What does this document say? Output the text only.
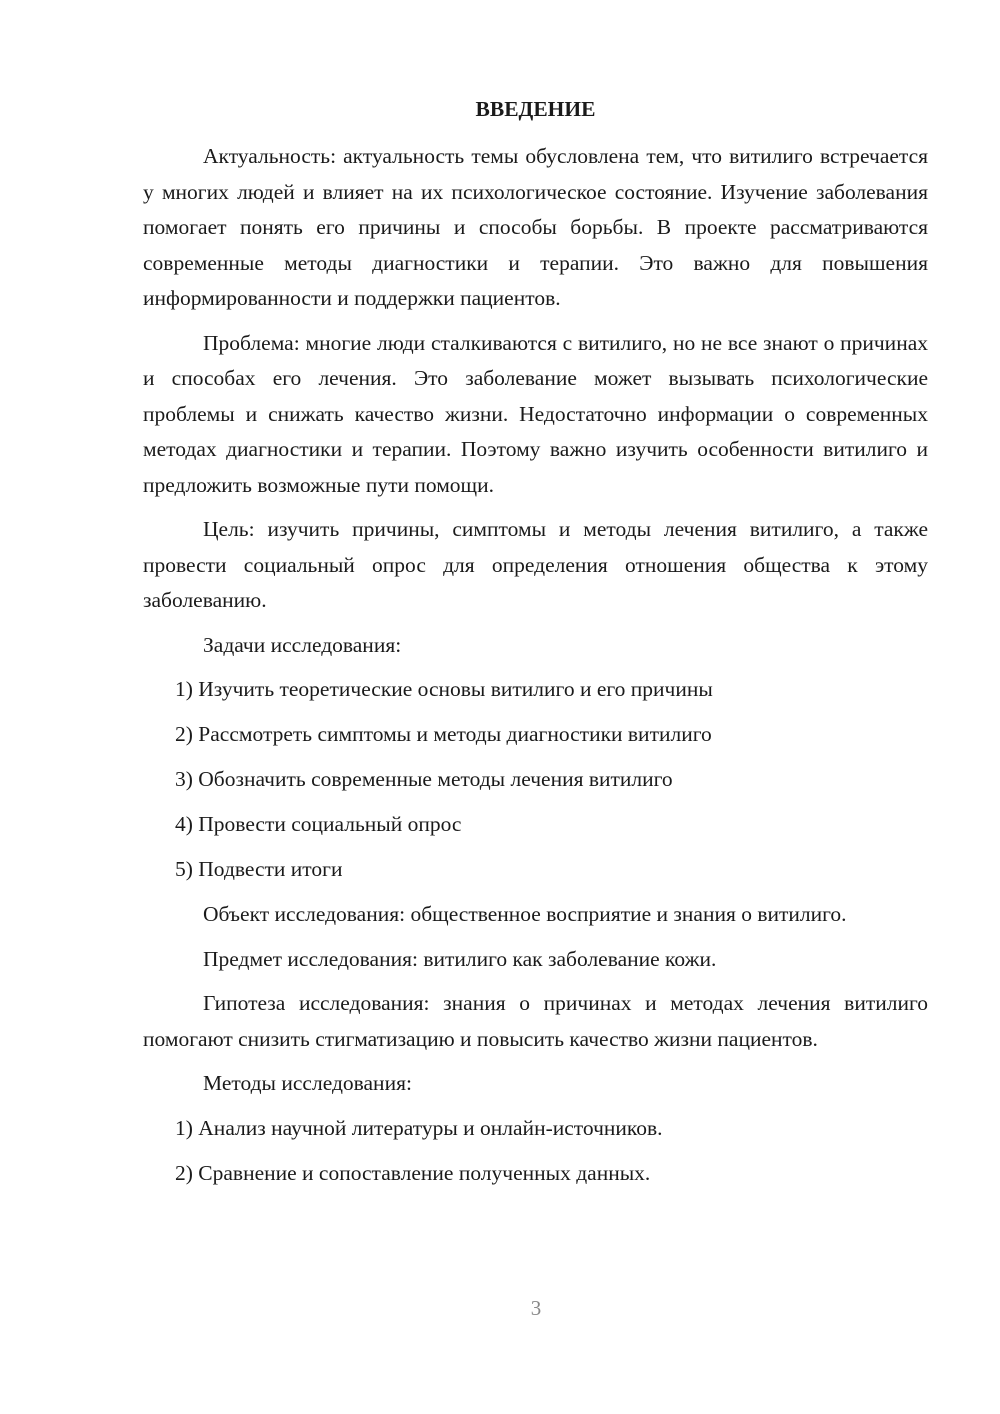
ВВЕДЕНИЕ

Актуальность: актуальность темы обусловлена тем, что витилиго встречается у многих людей и влияет на их психологическое состояние. Изучение заболевания помогает понять его причины и способы борьбы. В проекте рассматриваются современные методы диагностики и терапии. Это важно для повышения информированности и поддержки пациентов.

Проблема: многие люди сталкиваются с витилиго, но не все знают о причинах и способах его лечения. Это заболевание может вызывать психологические проблемы и снижать качество жизни. Недостаточно информации о современных методах диагностики и терапии. Поэтому важно изучить особенности витилиго и предложить возможные пути помощи.

Цель: изучить причины, симптомы и методы лечения витилиго, а также провести социальный опрос для определения отношения общества к этому заболеванию.

Задачи исследования:

1) Изучить теоретические основы витилиго и его причины

2) Рассмотреть симптомы и методы диагностики витилиго

3) Обозначить современные методы лечения витилиго

4) Провести социальный опрос

5) Подвести итоги

Объект исследования: общественное восприятие и знания о витилиго.

Предмет исследования: витилиго как заболевание кожи.

Гипотеза исследования: знания о причинах и методах лечения витилиго помогают снизить стигматизацию и повысить качество жизни пациентов.

Методы исследования:

1) Анализ научной литературы и онлайн-источников.

2) Сравнение и сопоставление полученных данных.

3
